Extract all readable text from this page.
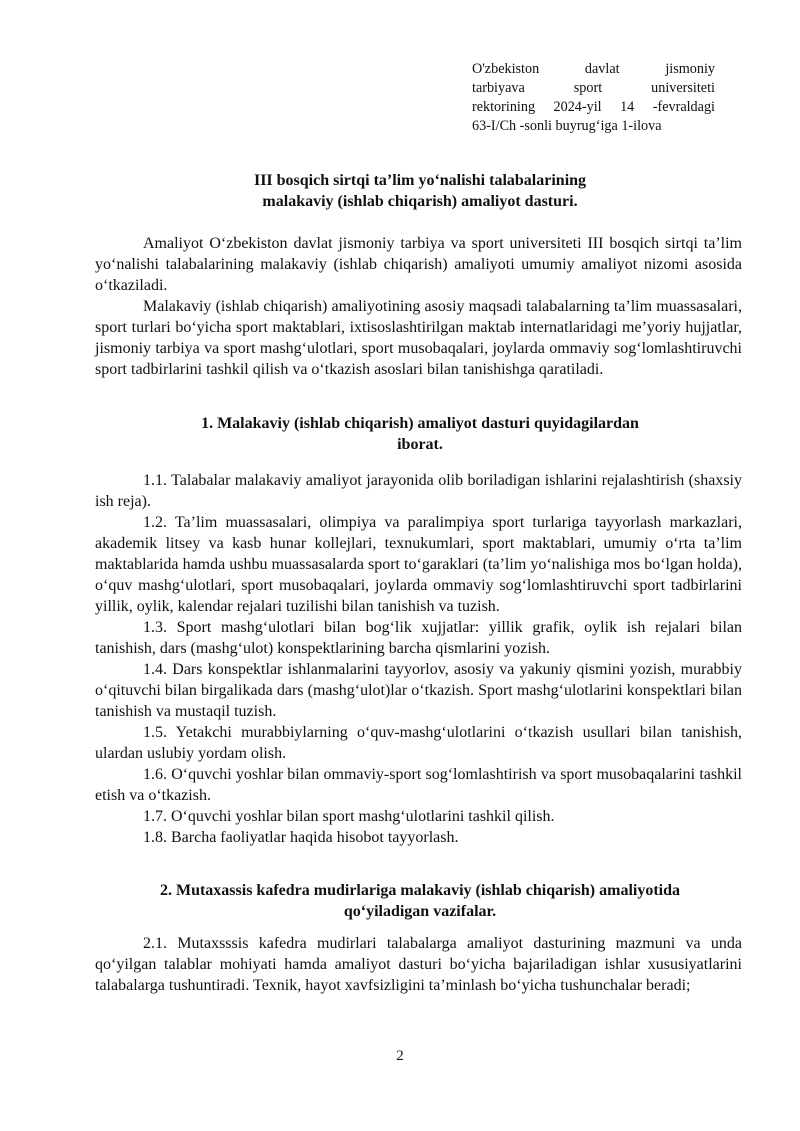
O'zbekiston davlat jismoniy
tarbiyava sport universiteti
rektorining 2024-yil 14 -fevraldagi
63-I/Ch -sonli buyrug‘iga 1-ilova
III bosqich sirtqi ta’lim yo‘nalishi talabalarining
malakaviy (ishlab chiqarish) amaliyot dasturi.

Amaliyot O‘zbekiston davlat jismoniy tarbiya va sport universiteti III bosqich sirtqi ta’lim yo‘nalishi talabalarining malakaviy (ishlab chiqarish) amaliyoti umumiy amaliyot nizomi asosida o‘tkaziladi.

Malakaviy (ishlab chiqarish) amaliyotining asosiy maqsadi talabalarning ta’lim muassasalari, sport turlari bo‘yicha sport maktablari, ixtisoslashtirilgan maktab internatlaridagi me’yoriy hujjatlar, jismoniy tarbiya va sport mashg‘ulotlari, sport musobaqalari, joylarda ommaviy sog‘lomlashtiruvchi sport tadbirlarini tashkil qilish va o‘tkazish asoslari bilan tanishishga qaratiladi.

1. Malakaviy (ishlab chiqarish) amaliyot dasturi quyidagilardan
iborat.

1.1. Talabalar malakaviy amaliyot jarayonida olib boriladigan ishlarini rejalashtirish (shaxsiy ish reja).

1.2. Ta’lim muassasalari, olimpiya va paralimpiya sport turlariga tayyorlash markazlari, akademik litsey va kasb hunar kollejlari, texnukumlari, sport maktablari, umumiy o‘rta ta’lim maktablarida hamda ushbu muassasalarda sport to‘garaklari (ta’lim yo‘nalishiga mos bo‘lgan holda), o‘quv mashg‘ulotlari, sport musobaqalari, joylarda ommaviy sog‘lomlashtiruvchi sport tadbirlarini yillik, oylik, kalendar rejalari tuzilishi bilan tanishish va tuzish.

1.3. Sport mashg‘ulotlari bilan bog‘lik xujjatlar: yillik grafik, oylik ish rejalari bilan tanishish, dars (mashg‘ulot) konspektlarining barcha qismlarini yozish.

1.4. Dars konspektlar ishlanmalarini tayyorlov, asosiy va yakuniy qismini yozish, murabbiy o‘qituvchi bilan birgalikada dars (mashg‘ulot)lar o‘tkazish. Sport mashg‘ulotlarini konspektlari bilan tanishish va mustaqil tuzish.

1.5. Yetakchi murabbiylarning o‘quv-mashg‘ulotlarini o‘tkazish usullari bilan tanishish, ulardan uslubiy yordam olish.

1.6. O‘quvchi yoshlar bilan ommaviy-sport sog‘lomlashtirish va sport musobaqalarini tashkil etish va o‘tkazish.

1.7. O‘quvchi yoshlar bilan sport mashg‘ulotlarini tashkil qilish.

1.8. Barcha faoliyatlar haqida hisobot tayyorlash.

2. Mutaxassis kafedra mudirlariga malakaviy (ishlab chiqarish) amaliyotida
qo‘yiladigan vazifalar.

2.1. Mutaxsssis kafedra mudirlari talabalarga amaliyot dasturining mazmuni va unda qo‘yilgan talablar mohiyati hamda amaliyot dasturi bo‘yicha bajariladigan ishlar xususiyatlarini talabalarga tushuntiradi. Texnik, hayot xavfsizligini ta’minlash bo‘yicha tushunchalar beradi;

2
